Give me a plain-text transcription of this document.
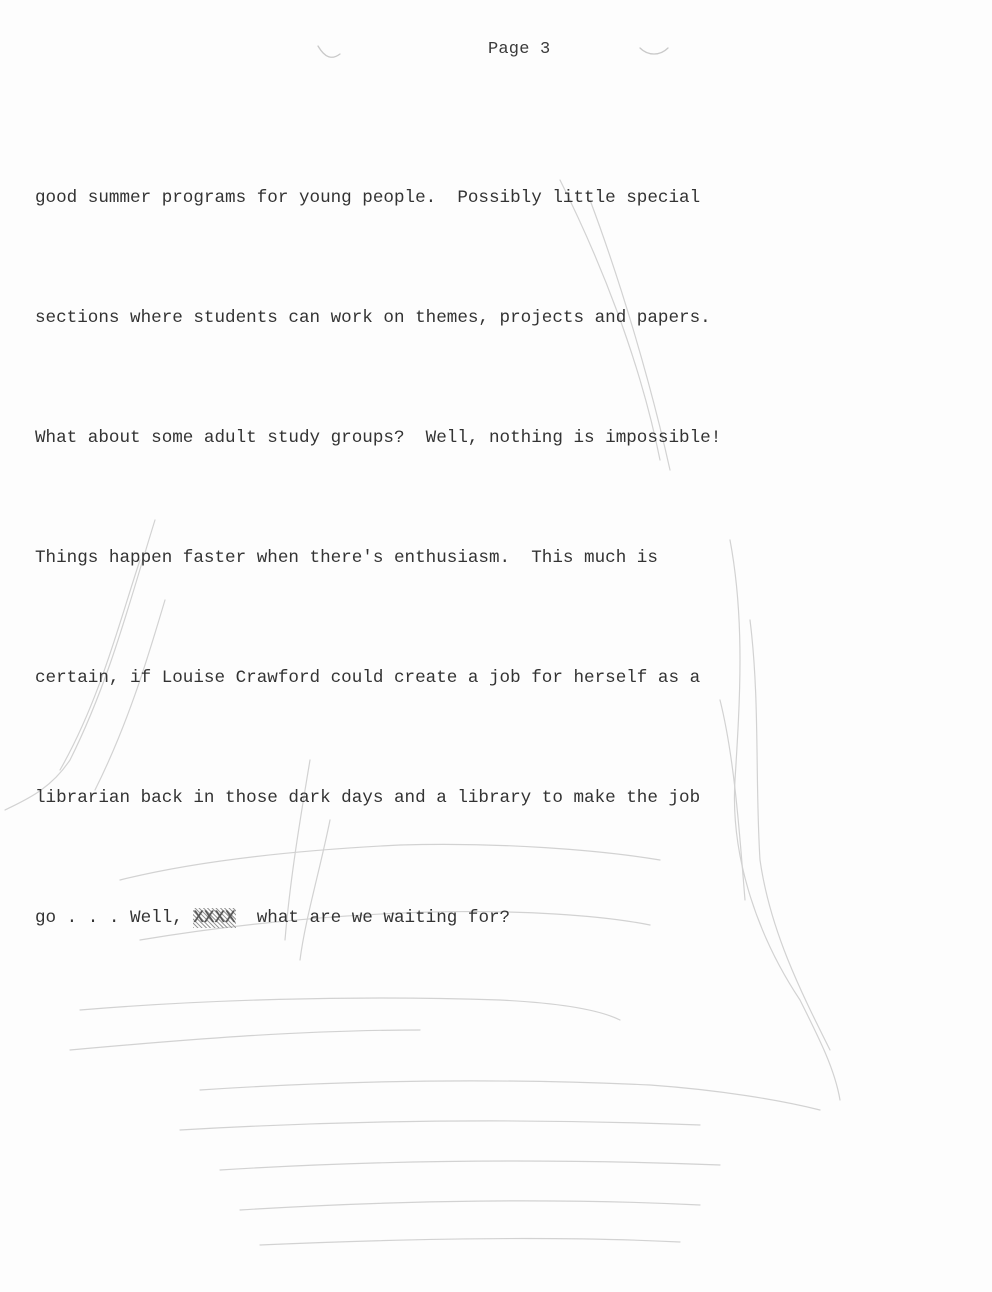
Page 3

good summer programs for young people.  Possibly little special

sections where students can work on themes, projects and papers.

What about some adult study groups?  Well, nothing is impossible!

Things happen faster when there's enthusiasm.  This much is

certain, if Louise Crawford could create a job for herself as a

librarian back in those dark days and a library to make the job

go . . . Well, XXXX  what are we waiting for?
